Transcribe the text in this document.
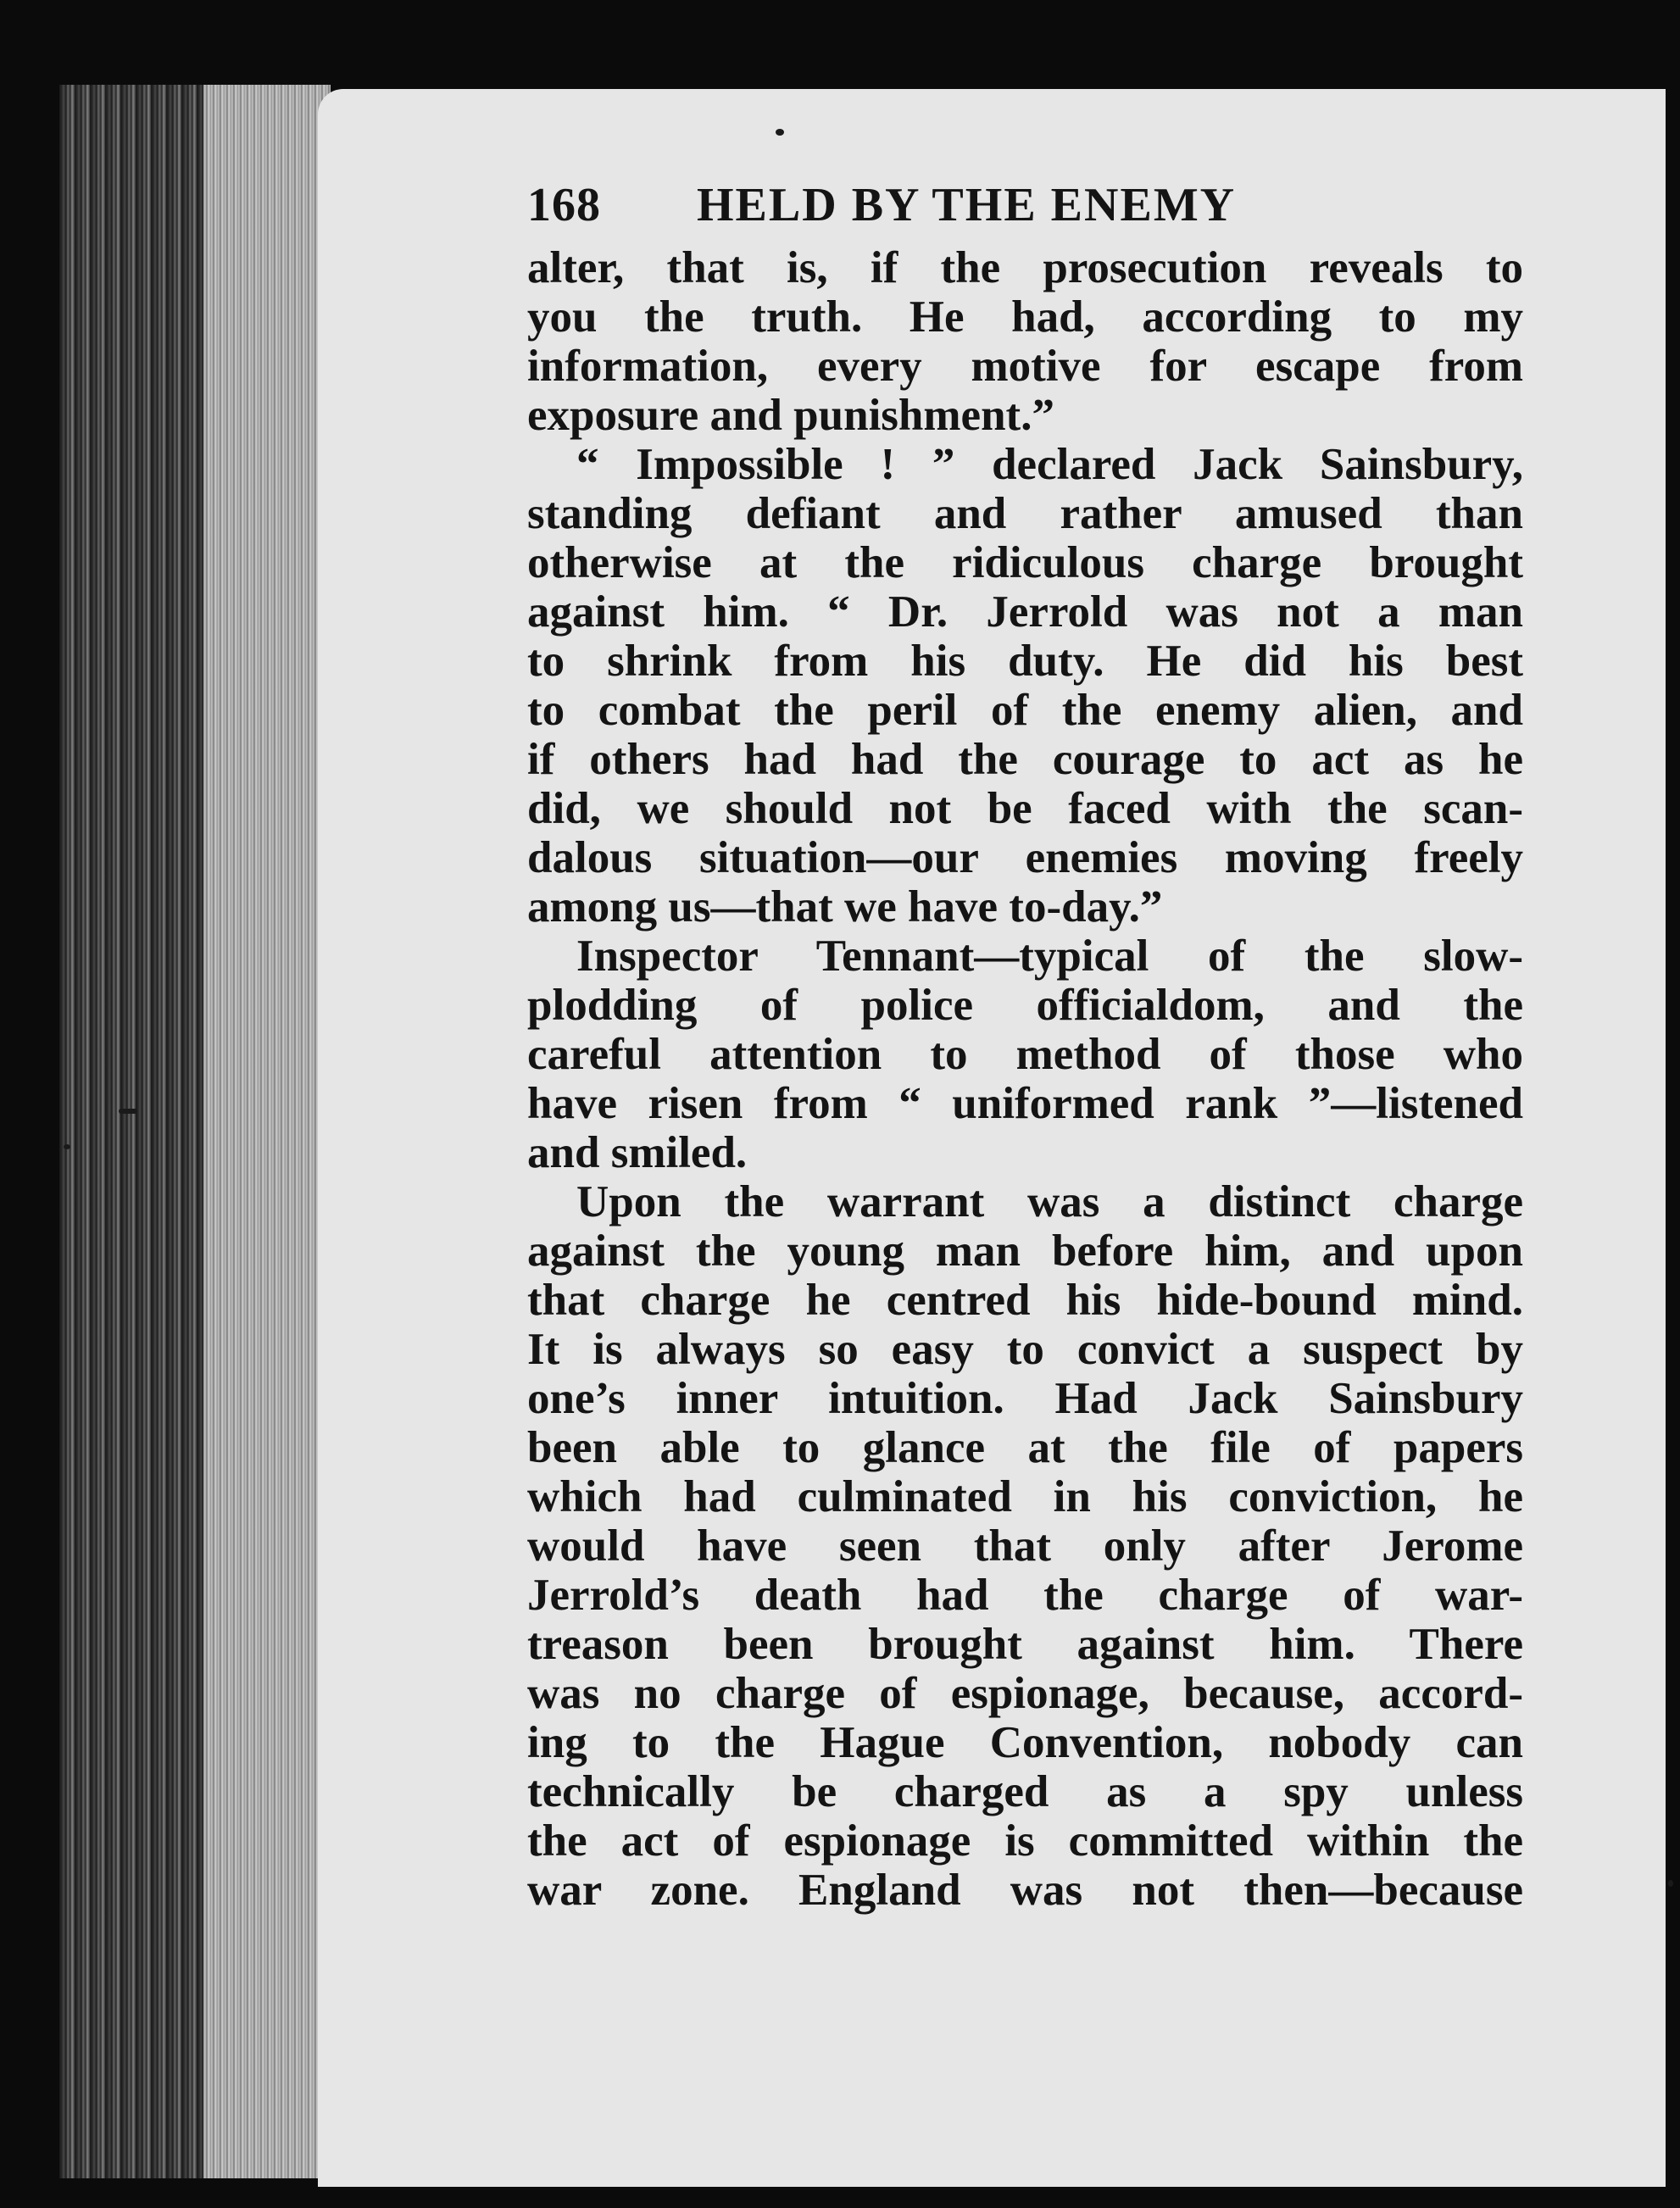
168	HELD BY THE ENEMY
alter, that is, if the prosecution reveals to
you the truth. He had, according to my
information, every motive for escape from
exposure and punishment.”
“ Impossible ! ” declared Jack Sainsbury,
standing defiant and rather amused than
otherwise at the ridiculous charge brought
against him. “ Dr. Jerrold was not a man
to shrink from his duty. He did his best
to combat the peril of the enemy alien, and
if others had had the courage to act as he
did, we should not be faced with the scan-
dalous situation—our enemies moving freely
among us—that we have to-day.”
Inspector Tennant—typical of the slow-
plodding of police officialdom, and the
careful attention to method of those who
have risen from “ uniformed rank ”—listened
and smiled.
Upon the warrant was a distinct charge
against the young man before him, and upon
that charge he centred his hide-bound mind.
It is always so easy to convict a suspect by
one’s inner intuition. Had Jack Sainsbury
been able to glance at the file of papers
which had culminated in his conviction, he
would have seen that only after Jerome
Jerrold’s death had the charge of war-
treason been brought against him. There
was no charge of espionage, because, accord-
ing to the Hague Convention, nobody can
technically be charged as a spy unless
the act of espionage is committed within the
war zone. England was not then—because
